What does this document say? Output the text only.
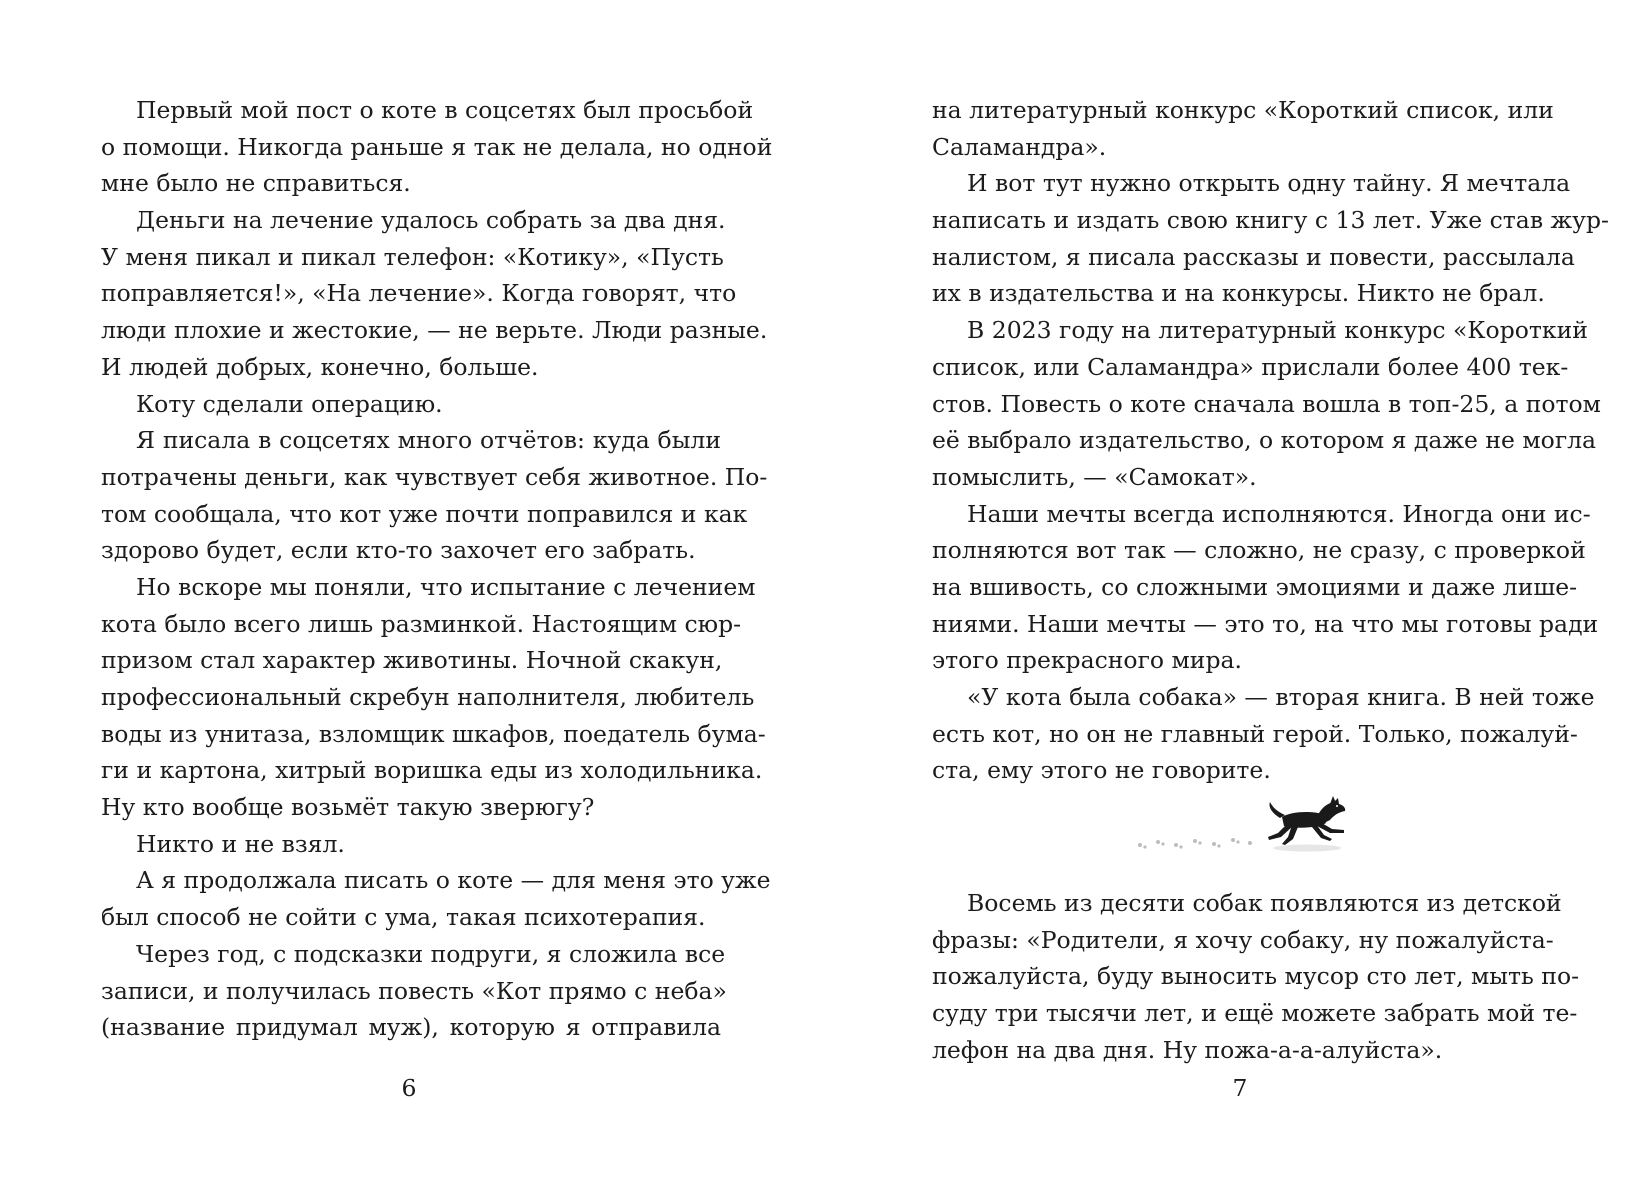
Первый мой пост о коте в соцсетях был просьбой
о помощи. Никогда раньше я так не делала, но одной
мне было не справиться.
Деньги на лечение удалось собрать за два дня.
У меня пикал и пикал телефон: «Котику», «Пусть
поправляется!», «На лечение». Когда говорят, что
люди плохие и жестокие, — не верьте. Люди разные.
И людей добрых, конечно, больше.
Коту сделали операцию.
Я писала в соцсетях много отчётов: куда были
потрачены деньги, как чувствует себя животное. По-
том сообщала, что кот уже почти поправился и как
здорово будет, если кто-то захочет его забрать.
Но вскоре мы поняли, что испытание с лечением
кота было всего лишь разминкой. Настоящим сюр-
призом стал характер животины. Ночной скакун,
профессиональный скребун наполнителя, любитель
воды из унитаза, взломщик шкафов, поедатель бума-
ги и картона, хитрый воришка еды из холодильника.
Ну кто вообще возьмёт такую зверюгу?
Никто и не взял.
А я продолжала писать о коте — для меня это уже
был способ не сойти с ума, такая психотерапия.
Через год, с подсказки подруги, я сложила все
записи, и получилась повесть «Кот прямо с неба»
(название придумал муж), которую я отправила
на литературный конкурс «Короткий список, или
Саламандра».
И вот тут нужно открыть одну тайну. Я мечтала
написать и издать свою книгу с 13 лет. Уже став жур-
налистом, я писала рассказы и повести, рассылала
их в издательства и на конкурсы. Никто не брал.
В 2023 году на литературный конкурс «Короткий
список, или Саламандра» прислали более 400 тек-
стов. Повесть о коте сначала вошла в топ-25, а потом
её выбрало издательство, о котором я даже не могла
помыслить, — «Самокат».
Наши мечты всегда исполняются. Иногда они ис-
полняются вот так — сложно, не сразу, с проверкой
на вшивость, со сложными эмоциями и даже лише-
ниями. Наши мечты — это то, на что мы готовы ради
этого прекрасного мира.
«У кота была собака» — вторая книга. В ней тоже
есть кот, но он не главный герой. Только, пожалуй-
ста, ему этого не говорите.
Восемь из десяти собак появляются из детской
фразы: «Родители, я хочу собаку, ну пожалуйста-
пожалуйста, буду выносить мусор сто лет, мыть по-
суду три тысячи лет, и ещё можете забрать мой те-
лефон на два дня. Ну пожа-а-а-алуйста».
6	7
